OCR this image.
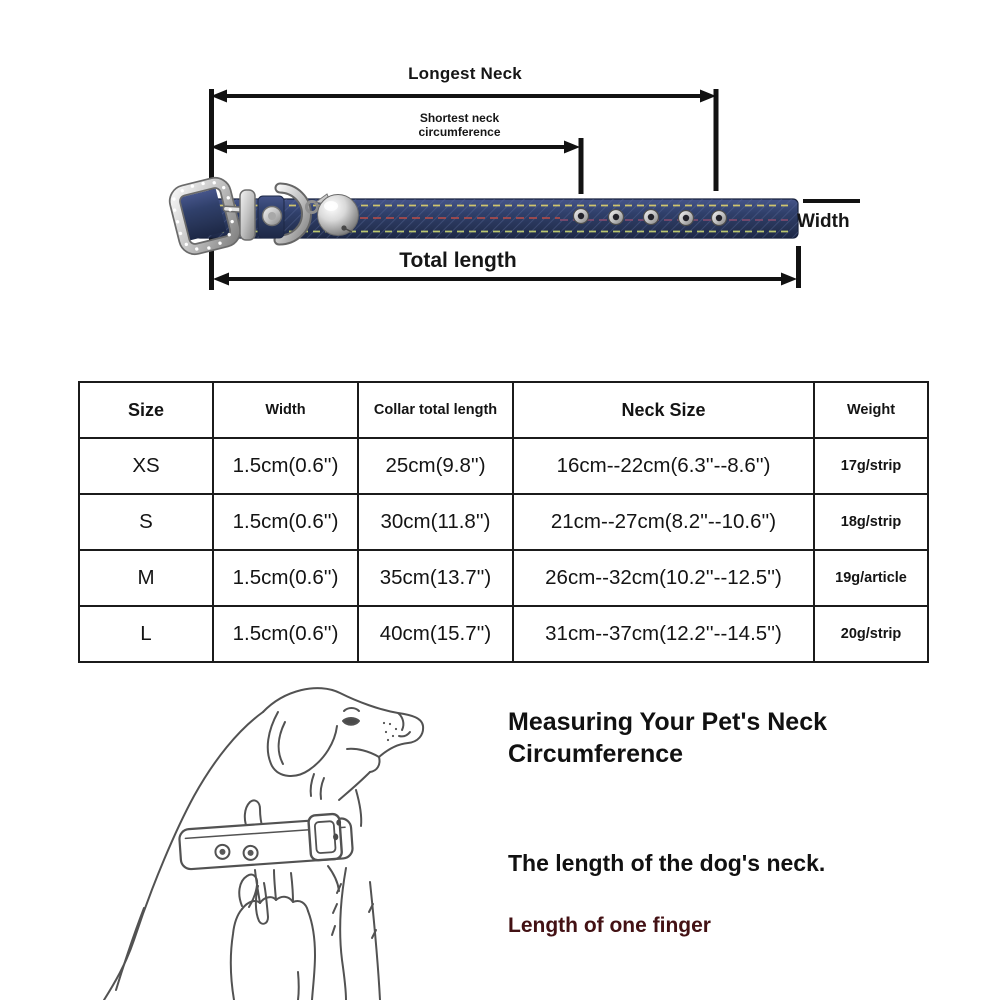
Longest Neck
Shortest neck
circumference
Total length
Width
Size	Width	Collar total length	Neck Size	Weight
XS	1.5cm(0.6'')	25cm(9.8'')	16cm--22cm(6.3''--8.6'')	17g/strip
S	1.5cm(0.6'')	30cm(11.8'')	21cm--27cm(8.2''--10.6'')	18g/strip
M	1.5cm(0.6'')	35cm(13.7'')	26cm--32cm(10.2''--12.5'')	19g/article
L	1.5cm(0.6'')	40cm(15.7'')	31cm--37cm(12.2''--14.5'')	20g/strip
Measuring Your Pet's Neck Circumference
The length of the dog's neck.
Length of one finger
